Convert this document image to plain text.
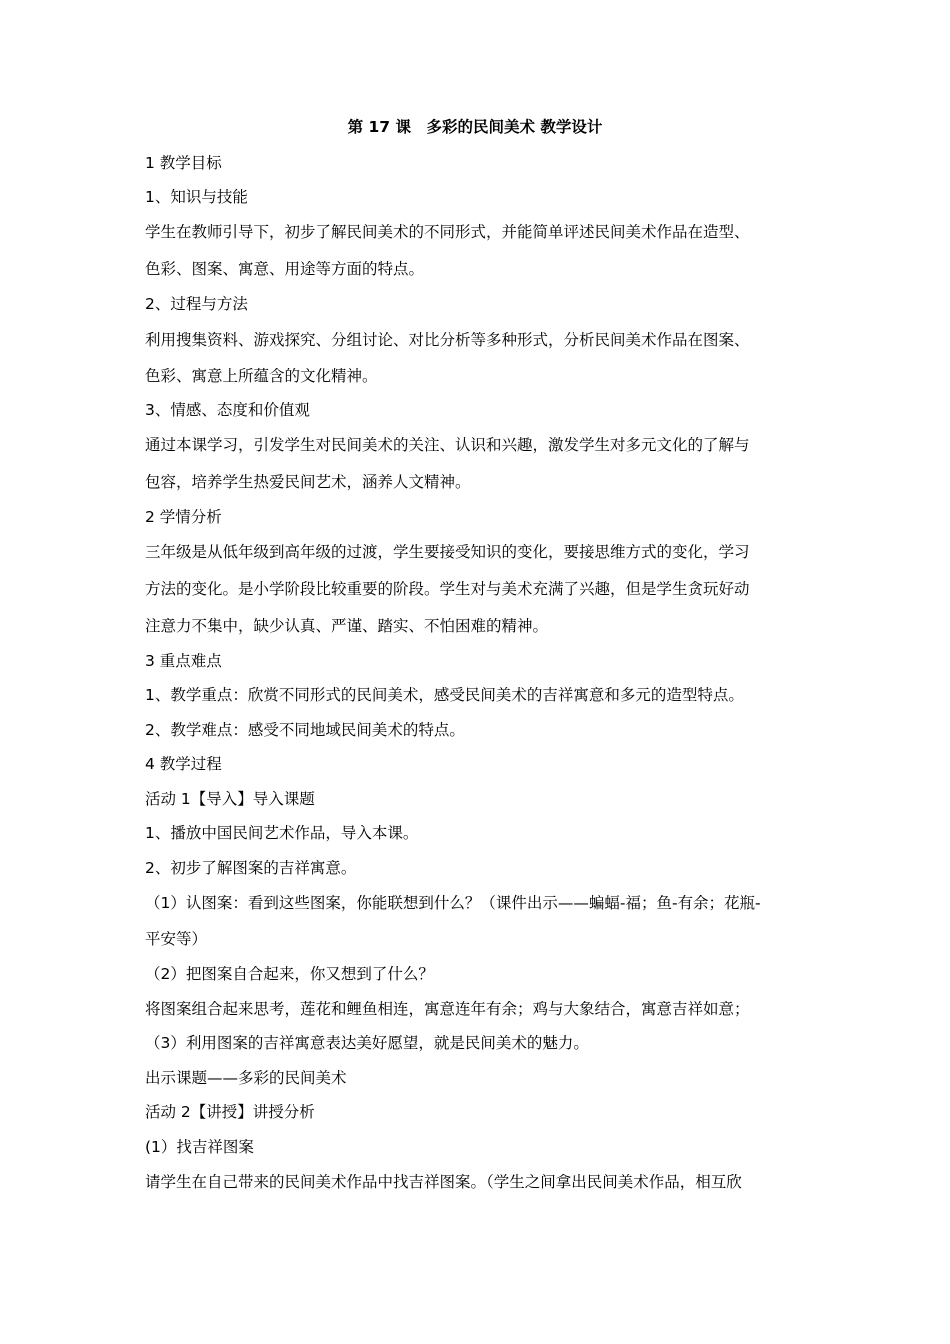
第 17 课　多彩的民间美术 教学设计
1 教学目标
1、知识与技能
学生在教师引导下，初步了解民间美术的不同形式，并能简单评述民间美术作品在造型、
色彩、图案、寓意、用途等方面的特点。
2、过程与方法
利用搜集资料、游戏探究、分组讨论、对比分析等多种形式，分析民间美术作品在图案、
色彩、寓意上所蕴含的文化精神。
3、情感、态度和价值观
通过本课学习，引发学生对民间美术的关注、认识和兴趣，激发学生对多元文化的了解与
包容，培养学生热爱民间艺术，涵养人文精神。
2 学情分析
三年级是从低年级到高年级的过渡，学生要接受知识的变化，要接思维方式的变化，学习
方法的变化。是小学阶段比较重要的阶段。学生对与美术充满了兴趣，但是学生贪玩好动
注意力不集中，缺少认真、严谨、踏实、不怕困难的精神。
3 重点难点
1、教学重点：欣赏不同形式的民间美术，感受民间美术的吉祥寓意和多元的造型特点。
2、教学难点：感受不同地域民间美术的特点。
4 教学过程
活动 1【导入】导入课题
1、播放中国民间艺术作品，导入本课。
2、初步了解图案的吉祥寓意。
（1）认图案：看到这些图案，你能联想到什么？（课件出示——蝙蝠-福；鱼-有余；花瓶-
平安等）
（2）把图案自合起来，你又想到了什么？
将图案组合起来思考，莲花和鲤鱼相连，寓意连年有余；鸡与大象结合，寓意吉祥如意；
（3）利用图案的吉祥寓意表达美好愿望，就是民间美术的魅力。
出示课题——多彩的民间美术
活动 2【讲授】讲授分析
(1）找吉祥图案
请学生在自己带来的民间美术作品中找吉祥图案。（学生之间拿出民间美术作品，相互欣
